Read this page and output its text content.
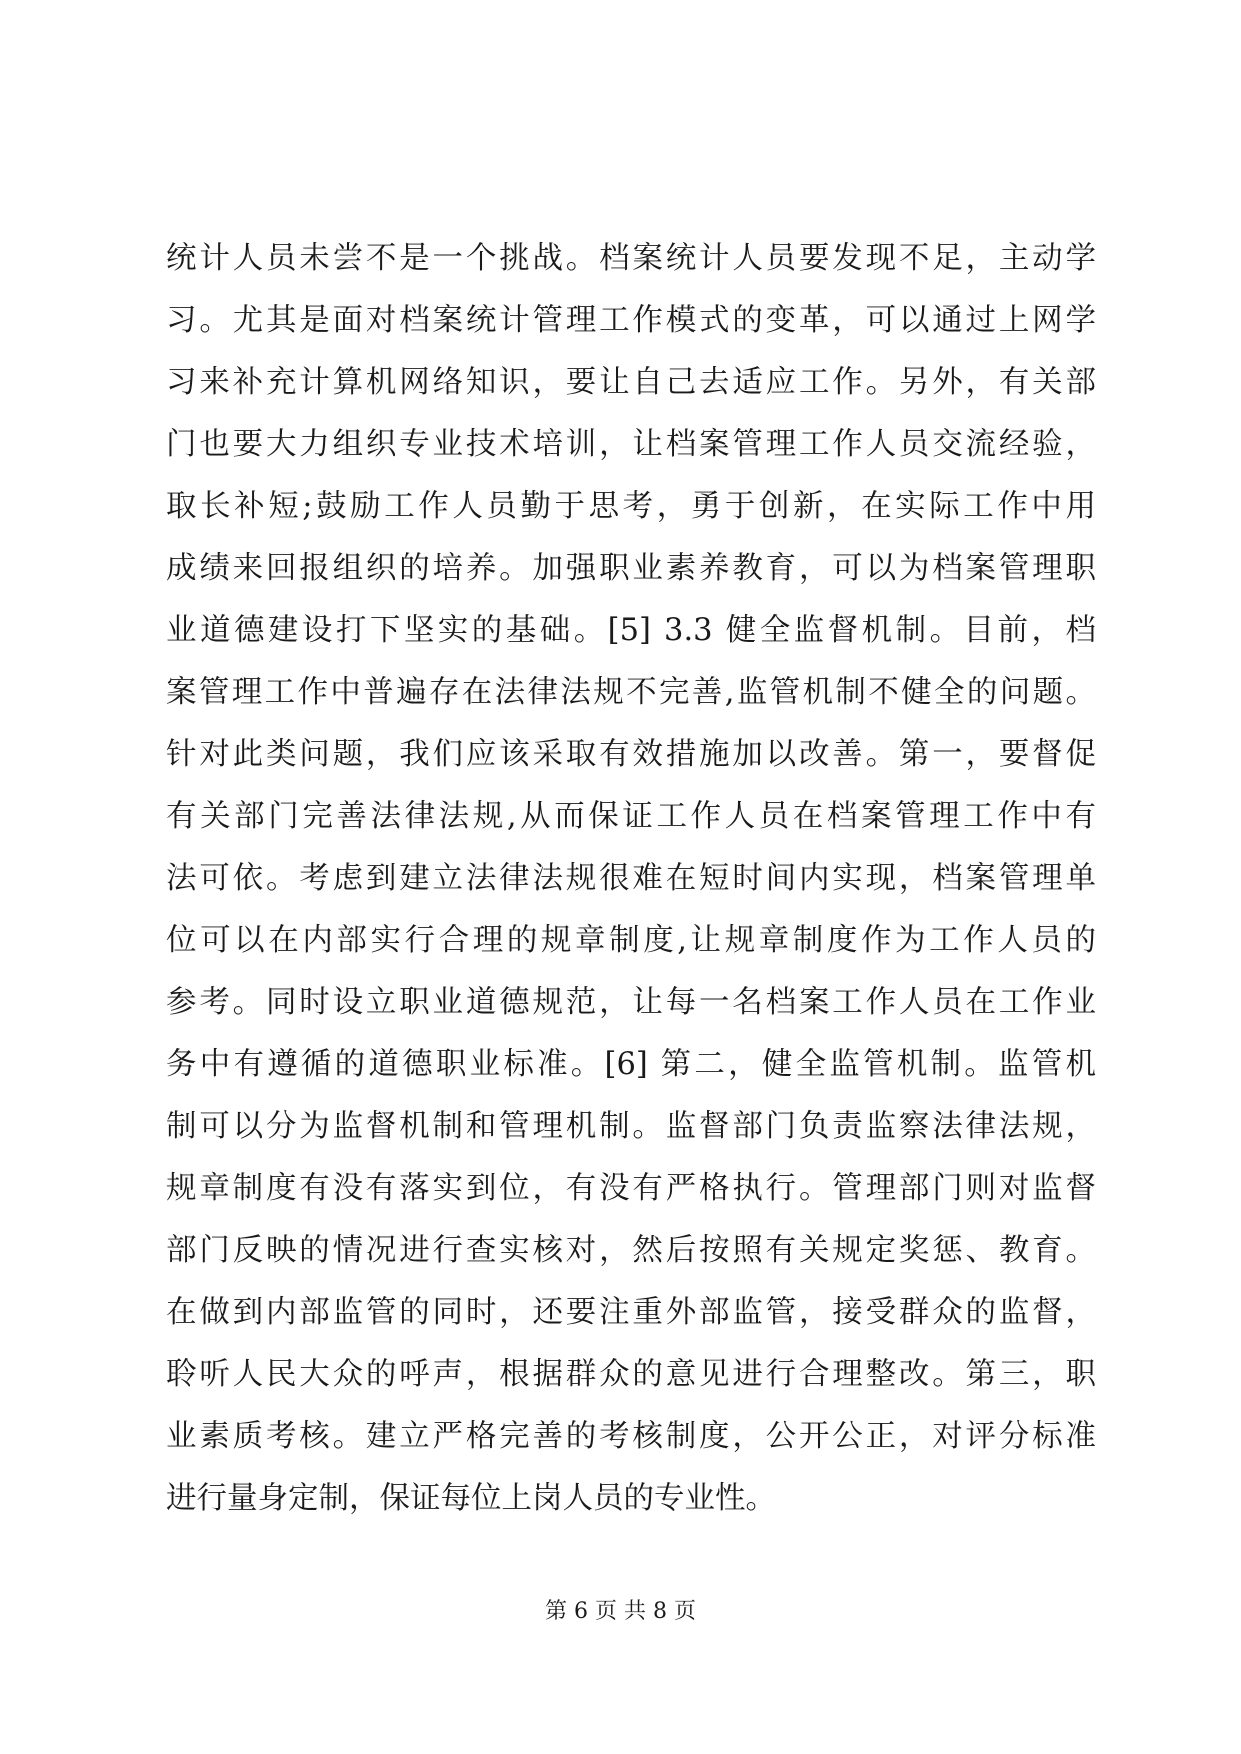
统计人员未尝不是一个挑战。档案统计人员要发现不足，主动学
习。尤其是面对档案统计管理工作模式的变革，可以通过上网学
习来补充计算机网络知识，要让自己去适应工作。另外，有关部
门也要大力组织专业技术培训，让档案管理工作人员交流经验，
取长补短;鼓励工作人员勤于思考，勇于创新，在实际工作中用
成绩来回报组织的培养。加强职业素养教育，可以为档案管理职
业道德建设打下坚实的基础。[5] 3.3 健全监督机制。目前，档
案管理工作中普遍存在法律法规不完善,监管机制不健全的问题。
针对此类问题，我们应该采取有效措施加以改善。第一，要督促
有关部门完善法律法规,从而保证工作人员在档案管理工作中有
法可依。考虑到建立法律法规很难在短时间内实现，档案管理单
位可以在内部实行合理的规章制度,让规章制度作为工作人员的
参考。同时设立职业道德规范，让每一名档案工作人员在工作业
务中有遵循的道德职业标准。[6] 第二，健全监管机制。监管机
制可以分为监督机制和管理机制。监督部门负责监察法律法规，
规章制度有没有落实到位，有没有严格执行。管理部门则对监督
部门反映的情况进行查实核对，然后按照有关规定奖惩、教育。
在做到内部监管的同时，还要注重外部监管，接受群众的监督，
聆听人民大众的呼声，根据群众的意见进行合理整改。第三，职
业素质考核。建立严格完善的考核制度，公开公正，对评分标准
进行量身定制，保证每位上岗人员的专业性。
第 6 页 共 8 页
